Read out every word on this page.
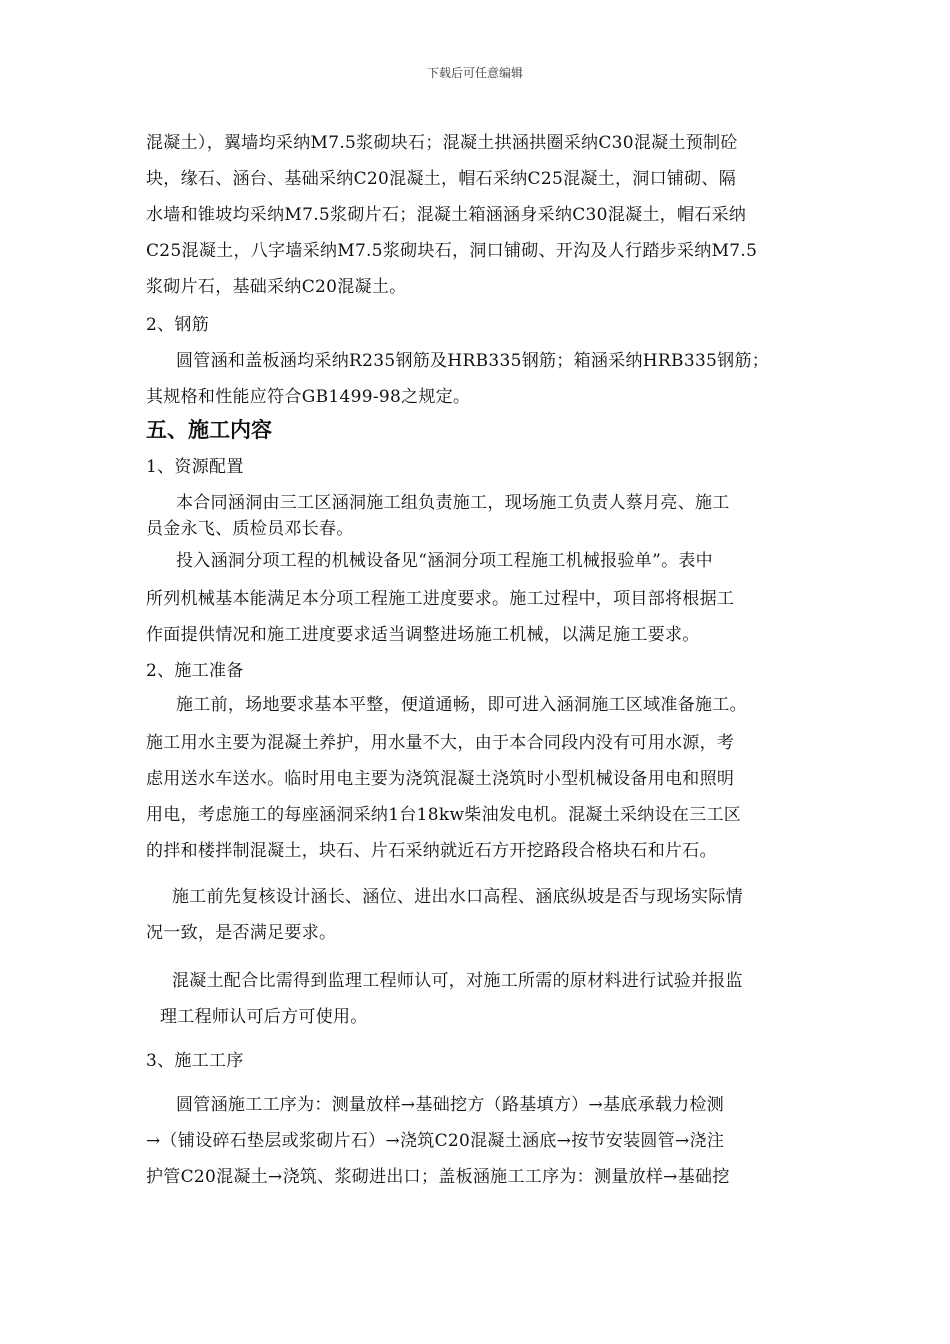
下载后可任意编辑
混凝土），翼墙均采纳M7.5浆砌块石；混凝土拱涵拱圈采纳C30混凝土预制砼
块，缘石、涵台、基础采纳C20混凝土，帽石采纳C25混凝土，洞口铺砌、隔
水墙和锥坡均采纳M7.5浆砌片石；混凝土箱涵涵身采纳C30混凝土，帽石采纳
C25混凝土，八字墙采纳M7.5浆砌块石，洞口铺砌、开沟及人行踏步采纳M7.5
浆砌片石，基础采纳C20混凝土。
2、钢筋
圆管涵和盖板涵均采纳R235钢筋及HRB335钢筋；箱涵采纳HRB335钢筋；
其规格和性能应符合GB1499-98之规定。
五、施工内容
1、资源配置
本合同涵洞由三工区涵洞施工组负责施工，现场施工负责人蔡月亮、施工
员金永飞、质检员邓长春。
投入涵洞分项工程的机械设备见“涵洞分项工程施工机械报验单”。表中
所列机械基本能满足本分项工程施工进度要求。施工过程中，项目部将根据工
作面提供情况和施工进度要求适当调整进场施工机械，以满足施工要求。
2、施工准备
施工前，场地要求基本平整，便道通畅，即可进入涵洞施工区域准备施工。
施工用水主要为混凝土养护，用水量不大，由于本合同段内没有可用水源，考
虑用送水车送水。临时用电主要为浇筑混凝土浇筑时小型机械设备用电和照明
用电，考虑施工的每座涵洞采纳1台18kw柴油发电机。混凝土采纳设在三工区
的拌和楼拌制混凝土，块石、片石采纳就近石方开挖路段合格块石和片石。
施工前先复核设计涵长、涵位、进出水口高程、涵底纵坡是否与现场实际情
况一致，是否满足要求。
混凝土配合比需得到监理工程师认可，对施工所需的原材料进行试验并报监
理工程师认可后方可使用。
3、施工工序
圆管涵施工工序为：测量放样→基础挖方（路基填方）→基底承载力检测
→（铺设碎石垫层或浆砌片石）→浇筑C20混凝土涵底→按节安装圆管→浇注
护管C20混凝土→浇筑、浆砌进出口；盖板涵施工工序为：测量放样→基础挖
